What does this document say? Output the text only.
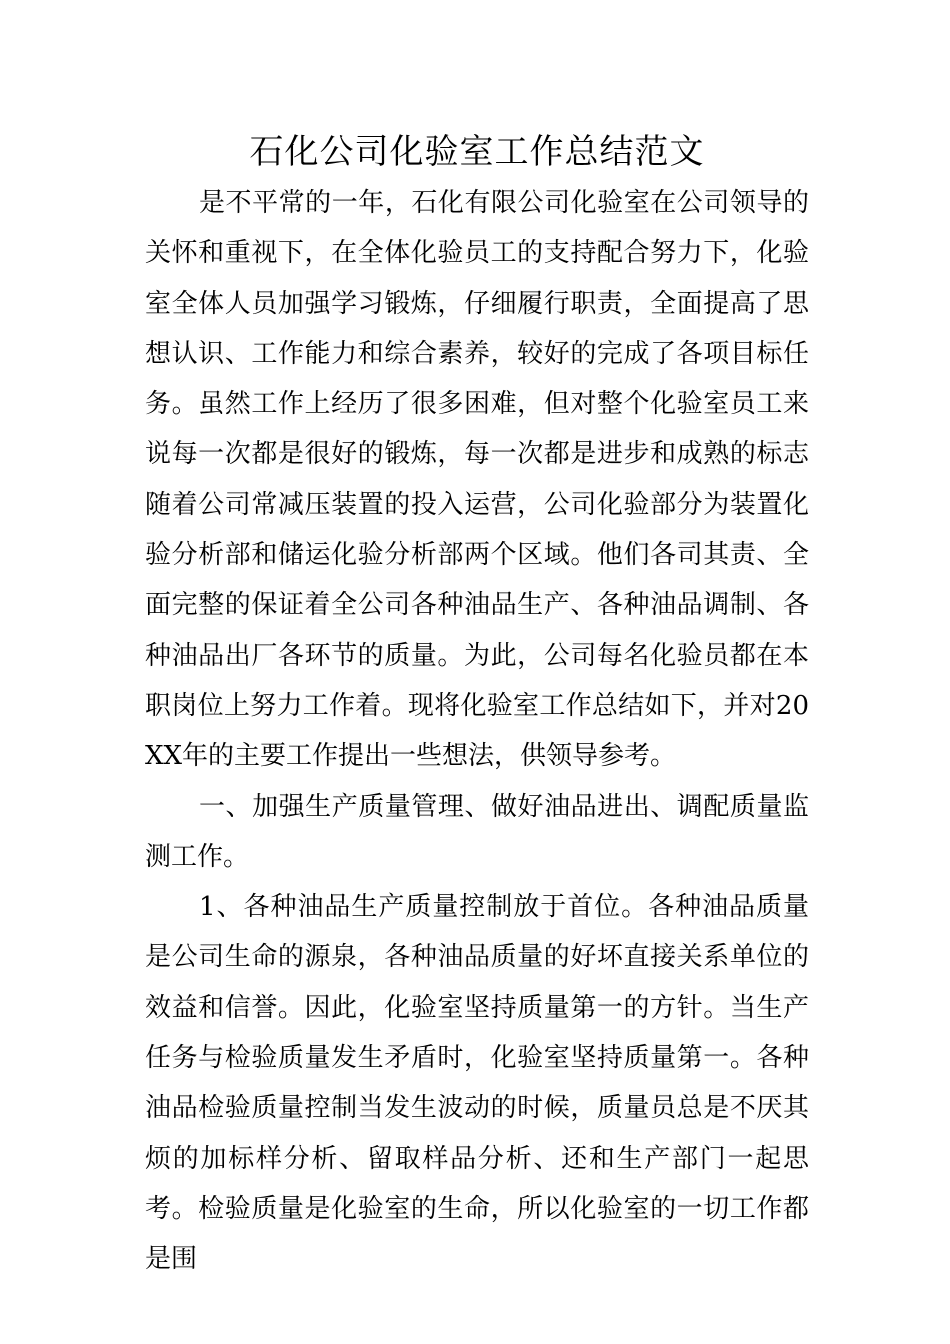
石化公司化验室工作总结范文

是不平常的一年，石化有限公司化验室在公司领导的关怀和重视下，在全体化验员工的支持配合努力下，化验室全体人员加强学习锻炼，仔细履行职责，全面提高了思想认识、工作能力和综合素养，较好的完成了各项目标任务。虽然工作上经历了很多困难，但对整个化验室员工来说每一次都是很好的锻炼，每一次都是进步和成熟的标志随着公司常减压装置的投入运营，公司化验部分为装置化验分析部和储运化验分析部两个区域。他们各司其责、全面完整的保证着全公司各种油品生产、各种油品调制、各种油品出厂各环节的质量。为此，公司每名化验员都在本职岗位上努力工作着。现将化验室工作总结如下，并对20XX年的主要工作提出一些想法，供领导参考。

一、加强生产质量管理、做好油品进出、调配质量监测工作。

1、各种油品生产质量控制放于首位。各种油品质量是公司生命的源泉，各种油品质量的好坏直接关系单位的效益和信誉。因此，化验室坚持质量第一的方针。当生产任务与检验质量发生矛盾时，化验室坚持质量第一。各种油品检验质量控制当发生波动的时候，质量员总是不厌其烦的加标样分析、留取样品分析、还和生产部门一起思考。检验质量是化验室的生命，所以化验室的一切工作都是围
